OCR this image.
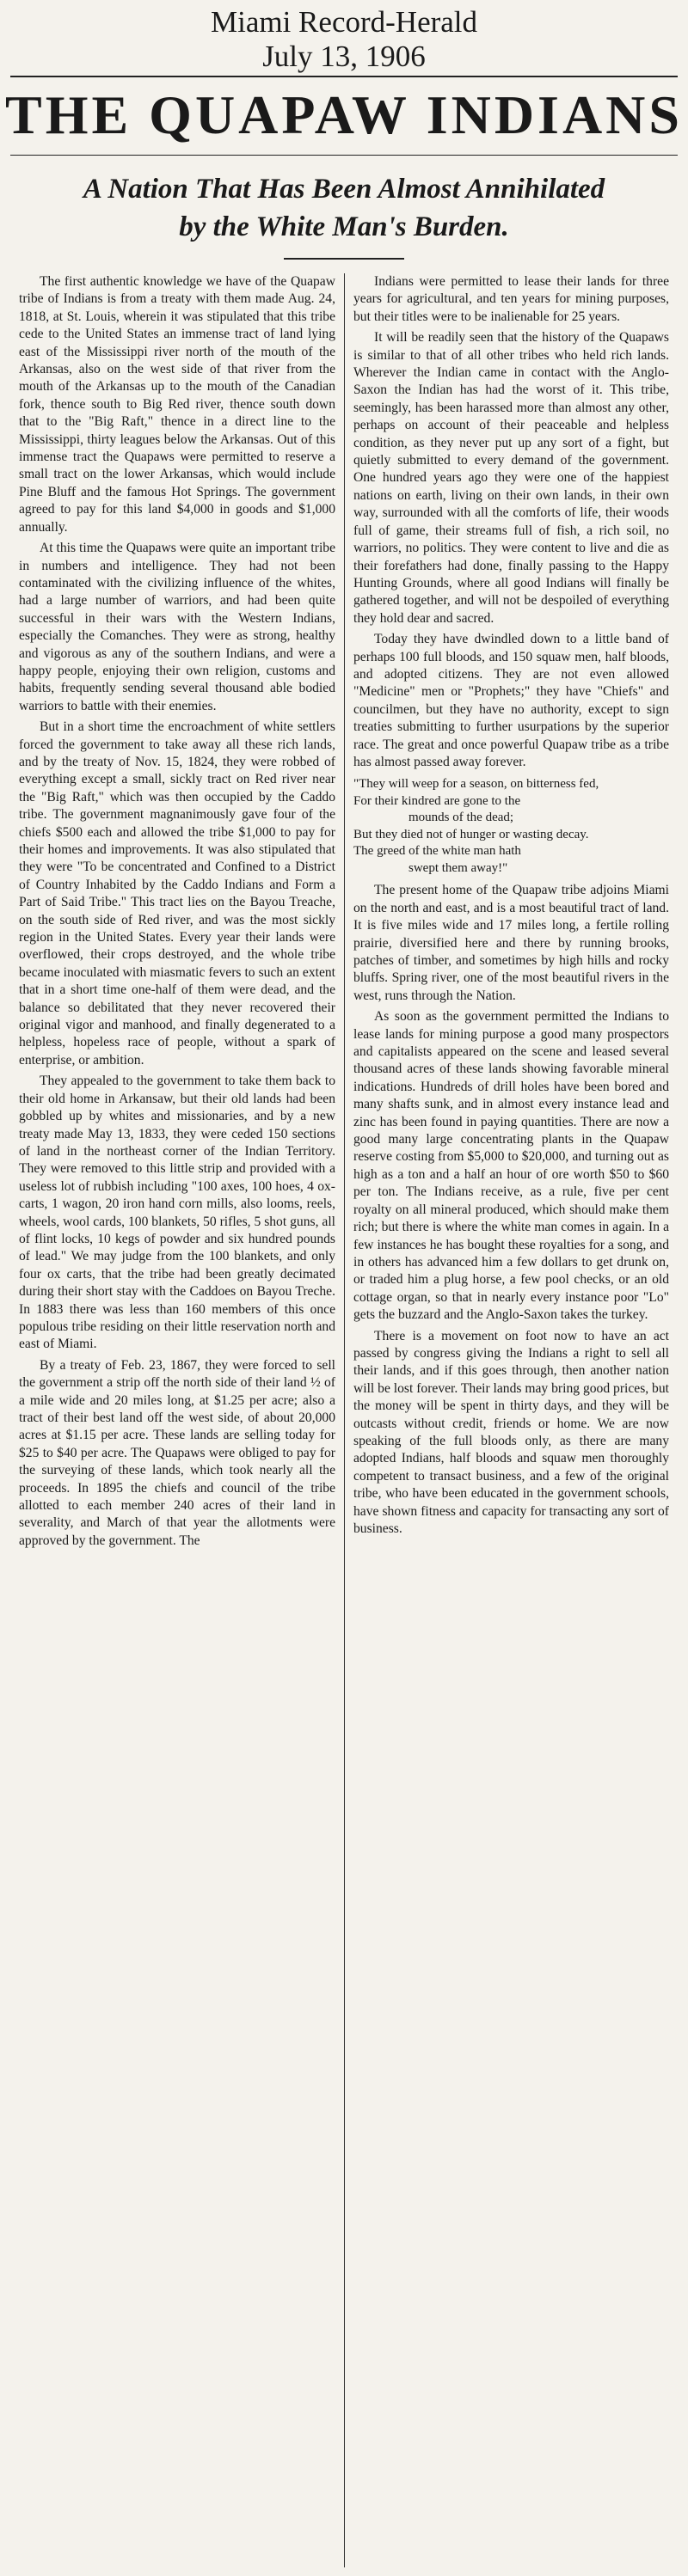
Miami Record-Herald
July 13, 1906
THE QUAPAW INDIANS
A Nation That Has Been Almost Annihilated
by the White Man's Burden.

The first authentic knowledge we have of the Quapaw tribe of Indians is from a treaty with them made Aug. 24, 1818, at St. Louis, wherein it was stipulated that this tribe cede to the United States an immense tract of land lying east of the Mississippi river north of the mouth of the Arkansas, also on the west side of that river from the mouth of the Arkansas up to the mouth of the Canadian fork, thence south to Big Red river, thence south down that to the "Big Raft," thence in a direct line to the Mississippi, thirty leagues below the Arkansas. Out of this immense tract the Quapaws were permitted to reserve a small tract on the lower Arkansas, which would include Pine Bluff and the famous Hot Springs. The government agreed to pay for this land $4,000 in goods and $1,000 annually.

At this time the Quapaws were quite an important tribe in numbers and intelligence. They had not been contaminated with the civilizing influence of the whites, had a large number of warriors, and had been quite successful in their wars with the Western Indians, especially the Comanches. They were as strong, healthy and vigorous as any of the southern Indians, and were a happy people, enjoying their own religion, customs and habits, frequently sending several thousand able bodied warriors to battle with their enemies.

But in a short time the encroachment of white settlers forced the government to take away all these rich lands, and by the treaty of Nov. 15, 1824, they were robbed of everything except a small, sickly tract on Red river near the "Big Raft," which was then occupied by the Caddo tribe. The government magnanimously gave four of the chiefs $500 each and allowed the tribe $1,000 to pay for their homes and improvements. It was also stipulated that they were "To be concentrated and Confined to a District of Country Inhabited by the Caddo Indians and Form a Part of Said Tribe." This tract lies on the Bayou Treache, on the south side of Red river, and was the most sickly region in the United States. Every year their lands were overflowed, their crops destroyed, and the whole tribe became inoculated with miasmatic fevers to such an extent that in a short time one-half of them were dead, and the balance so debilitated that they never recovered their original vigor and manhood, and finally degenerated to a helpless, hopeless race of people, without a spark of enterprise, or ambition.

They appealed to the government to take them back to their old home in Arkansaw, but their old lands had been gobbled up by whites and missionaries, and by a new treaty made May 13, 1833, they were ceded 150 sections of land in the northeast corner of the Indian Territory. They were removed to this little strip and provided with a useless lot of rubbish including "100 axes, 100 hoes, 4 ox-carts, 1 wagon, 20 iron hand corn mills, also looms, reels, wheels, wool cards, 100 blankets, 50 rifles, 5 shot guns, all of flint locks, 10 kegs of powder and six hundred pounds of lead." We may judge from the 100 blankets, and only four ox carts, that the tribe had been greatly decimated during their short stay with the Caddoes on Bayou Treche. In 1883 there was less than 160 members of this once populous tribe residing on their little reservation north and east of Miami.

By a treaty of Feb. 23, 1867, they were forced to sell the government a strip off the north side of their land ½ of a mile wide and 20 miles long, at $1.25 per acre; also a tract of their best land off the west side, of about 20,000 acres at $1.15 per acre. These lands are selling today for $25 to $40 per acre. The Quapaws were obliged to pay for the surveying of these lands, which took nearly all the proceeds. In 1895 the chiefs and council of the tribe allotted to each member 240 acres of their land in severality, and March of that year the allotments were approved by the government. The

Indians were permitted to lease their lands for three years for agricultural, and ten years for mining purposes, but their titles were to be inalienable for 25 years.

It will be readily seen that the history of the Quapaws is similar to that of all other tribes who held rich lands. Wherever the Indian came in contact with the Anglo-Saxon the Indian has had the worst of it. This tribe, seemingly, has been harassed more than almost any other, perhaps on account of their peaceable and helpless condition, as they never put up any sort of a fight, but quietly submitted to every demand of the government. One hundred years ago they were one of the happiest nations on earth, living on their own lands, in their own way, surrounded with all the comforts of life, their woods full of game, their streams full of fish, a rich soil, no warriors, no politics. They were content to live and die as their forefathers had done, finally passing to the Happy Hunting Grounds, where all good Indians will finally be gathered together, and will not be despoiled of everything they hold dear and sacred.

Today they have dwindled down to a little band of perhaps 100 full bloods, and 150 squaw men, half bloods, and adopted citizens. They are not even allowed "Medicine" men or "Prophets;" they have "Chiefs" and councilmen, but they have no authority, except to sign treaties submitting to further usurpations by the superior race. The great and once powerful Quapaw tribe as a tribe has almost passed away forever.

"They will weep for a season, on bitterness fed,
For their kindred are gone to the
mounds of the dead;
But they died not of hunger or wasting decay.
The greed of the white man hath
swept them away!"

The present home of the Quapaw tribe adjoins Miami on the north and east, and is a most beautiful tract of land. It is five miles wide and 17 miles long, a fertile rolling prairie, diversified here and there by running brooks, patches of timber, and sometimes by high hills and rocky bluffs. Spring river, one of the most beautiful rivers in the west, runs through the Nation.

As soon as the government permitted the Indians to lease lands for mining purpose a good many prospectors and capitalists appeared on the scene and leased several thousand acres of these lands showing favorable mineral indications. Hundreds of drill holes have been bored and many shafts sunk, and in almost every instance lead and zinc has been found in paying quantities. There are now a good many large concentrating plants in the Quapaw reserve costing from $5,000 to $20,000, and turning out as high as a ton and a half an hour of ore worth $50 to $60 per ton. The Indians receive, as a rule, five per cent royalty on all mineral produced, which should make them rich; but there is where the white man comes in again. In a few instances he has bought these royalties for a song, and in others has advanced him a few dollars to get drunk on, or traded him a plug horse, a few pool checks, or an old cottage organ, so that in nearly every instance poor "Lo" gets the buzzard and the Anglo-Saxon takes the turkey.

There is a movement on foot now to have an act passed by congress giving the Indians a right to sell all their lands, and if this goes through, then another nation will be lost forever. Their lands may bring good prices, but the money will be spent in thirty days, and they will be outcasts without credit, friends or home. We are now speaking of the full bloods only, as there are many adopted Indians, half bloods and squaw men thoroughly competent to transact business, and a few of the original tribe, who have been educated in the government schools, have shown fitness and capacity for transacting any sort of business.
